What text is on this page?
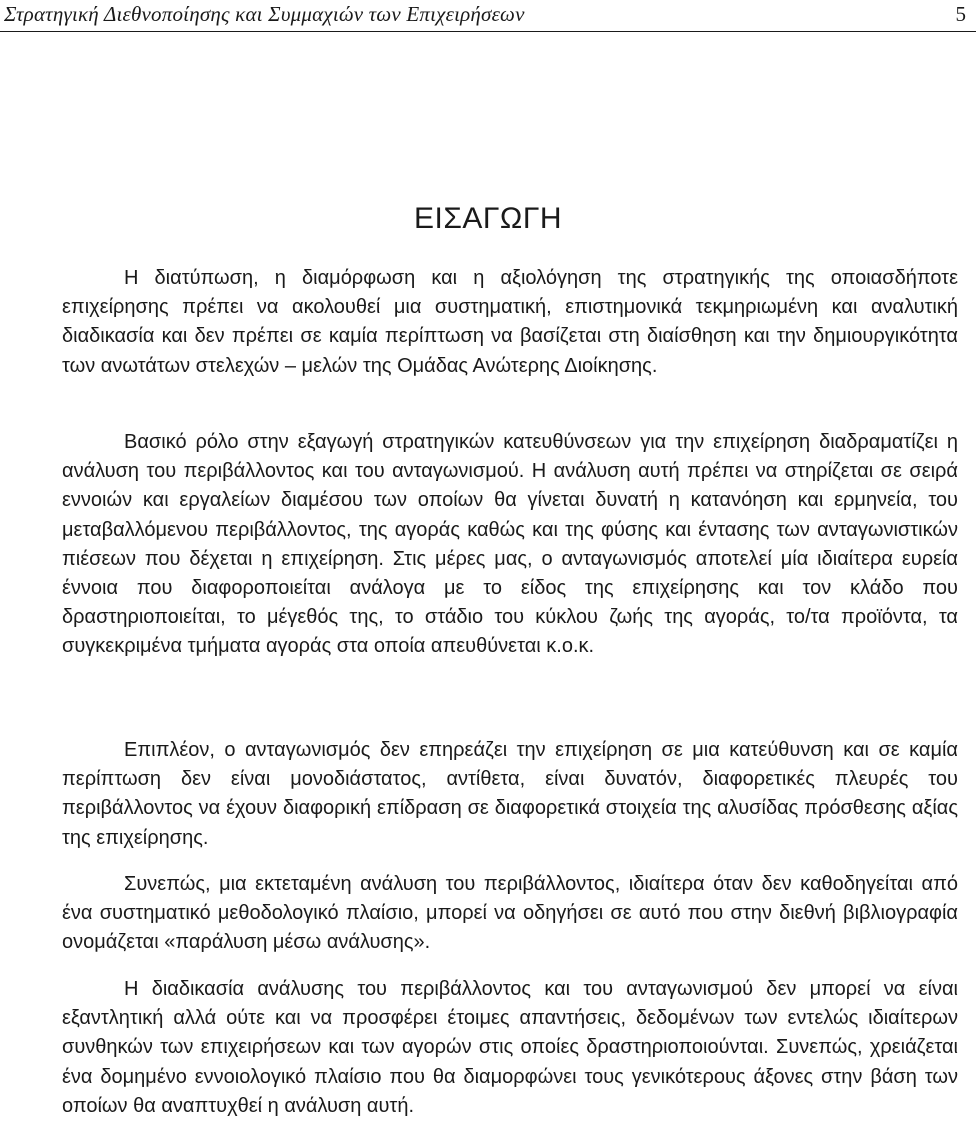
Στρατηγική Διεθνοποίησης και Συμμαχιών των Επιχειρήσεων	5
ΕΙΣΑΓΩΓΗ

Η διατύπωση, η διαμόρφωση και η αξιολόγηση της στρατηγικής της οποιασδήποτε επιχείρησης πρέπει να ακολουθεί μια συστηματική, επιστημονικά τεκμηριωμένη και αναλυτική διαδικασία και δεν πρέπει σε καμία περίπτωση να βασίζεται στη διαίσθηση και την δημιουργικότητα των ανωτάτων στελεχών – μελών της Ομάδας Ανώτερης Διοίκησης.

Βασικό ρόλο στην εξαγωγή στρατηγικών κατευθύνσεων για την επιχείρηση διαδραματίζει η ανάλυση του περιβάλλοντος και του ανταγωνισμού. Η ανάλυση αυτή πρέπει να στηρίζεται σε σειρά εννοιών και εργαλείων διαμέσου των οποίων θα γίνεται δυνατή η κατανόηση και ερμηνεία, του μεταβαλλόμενου περιβάλλοντος, της αγοράς καθώς και της φύσης και έντασης των ανταγωνιστικών πιέσεων που δέχεται η επιχείρηση. Στις μέρες μας, ο ανταγωνισμός αποτελεί μία ιδιαίτερα ευρεία έννοια που διαφοροποιείται ανάλογα με το είδος της επιχείρησης και τον κλάδο που δραστηριοποιείται, το μέγεθός της, το στάδιο του κύκλου ζωής της αγοράς, το/τα προϊόντα, τα συγκεκριμένα τμήματα αγοράς στα οποία απευθύνεται κ.ο.κ.

Επιπλέον, ο ανταγωνισμός δεν επηρεάζει την επιχείρηση σε μια κατεύθυνση και σε καμία περίπτωση δεν είναι μονοδιάστατος, αντίθετα, είναι δυνατόν, διαφορετικές πλευρές του περιβάλλοντος να έχουν διαφορική επίδραση σε διαφορετικά στοιχεία της αλυσίδας πρόσθεσης αξίας της επιχείρησης.

Συνεπώς, μια εκτεταμένη ανάλυση του περιβάλλοντος, ιδιαίτερα όταν δεν καθοδηγείται από ένα συστηματικό μεθοδολογικό πλαίσιο, μπορεί να οδηγήσει σε αυτό που στην διεθνή βιβλιογραφία ονομάζεται «παράλυση μέσω ανάλυσης».

Η διαδικασία ανάλυσης του περιβάλλοντος και του ανταγωνισμού δεν μπορεί να είναι εξαντλητική αλλά ούτε και να προσφέρει έτοιμες απαντήσεις, δεδομένων των εντελώς ιδιαίτερων συνθηκών των επιχειρήσεων και των αγορών στις οποίες δραστηριοποιούνται. Συνεπώς, χρειάζεται ένα δομημένο εννοιολογικό πλαίσιο που θα διαμορφώνει τους γενικότερους άξονες στην βάση των οποίων θα αναπτυχθεί η ανάλυση αυτή.
